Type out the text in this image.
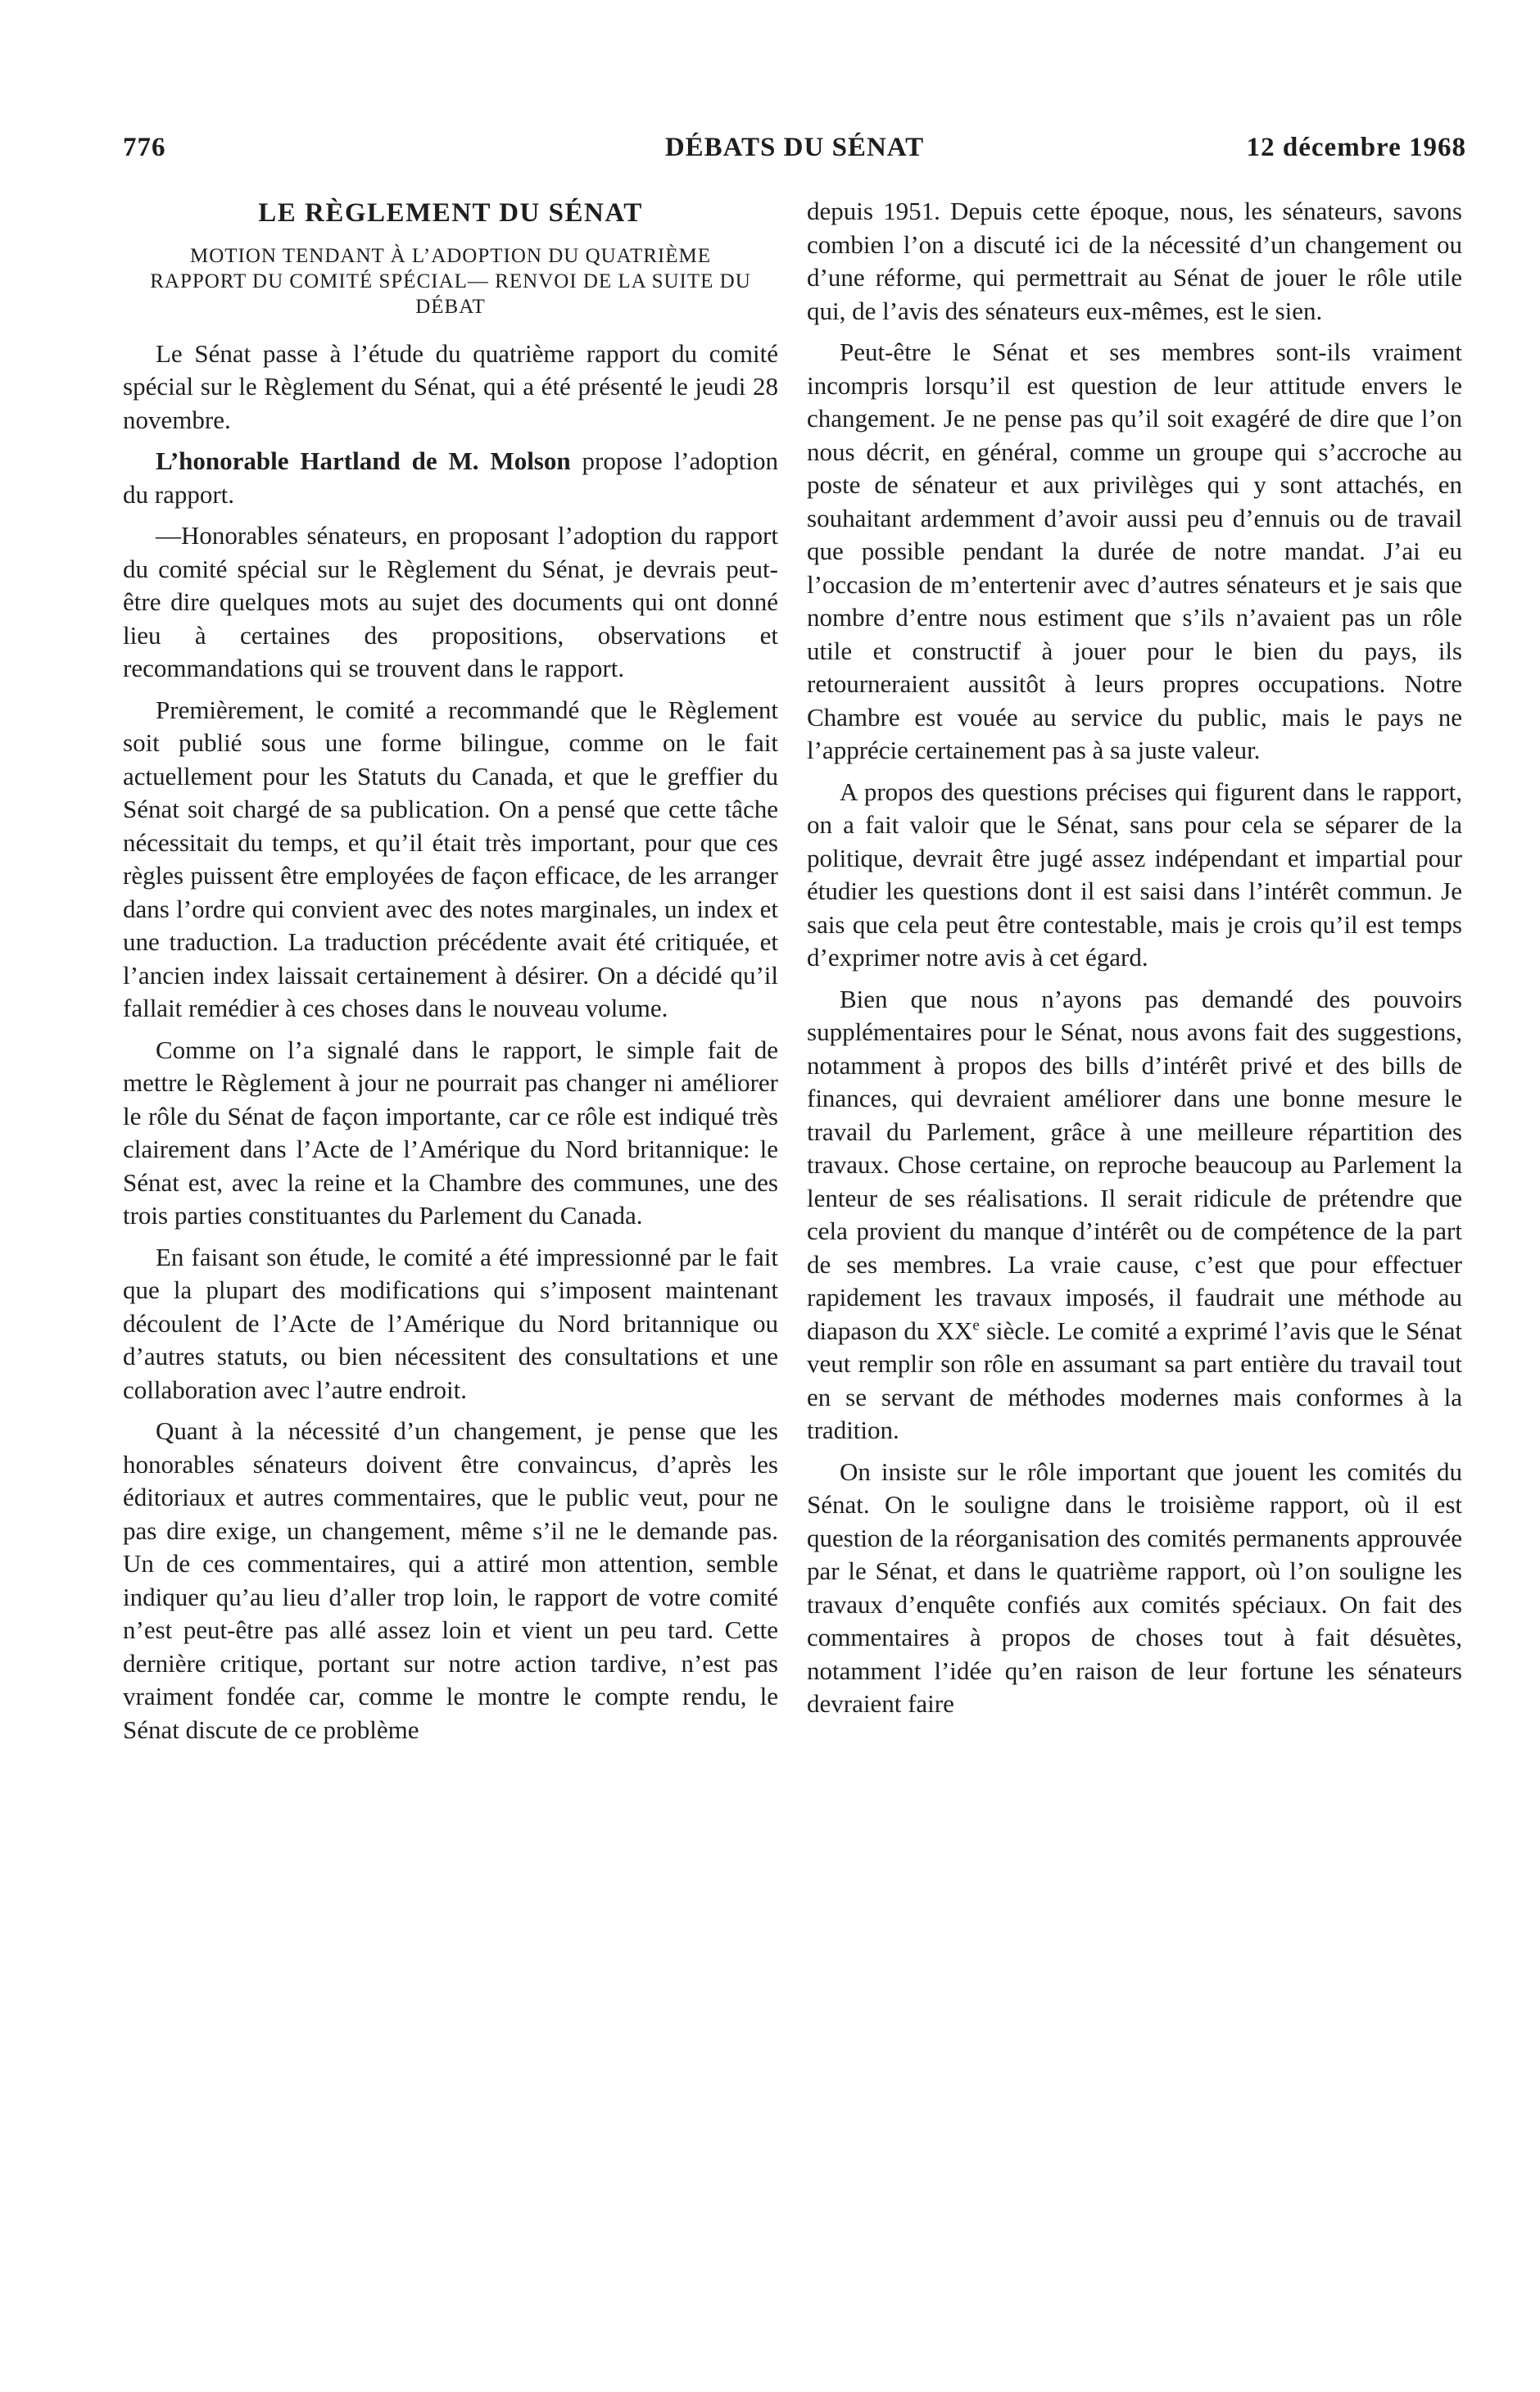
776	DÉBATS DU SÉNAT	12 décembre 1968
LE RÈGLEMENT DU SÉNAT
MOTION TENDANT À L’ADOPTION DU QUATRIÈME RAPPORT DU COMITÉ SPÉCIAL— RENVOI DE LA SUITE DU DÉBAT

Le Sénat passe à l’étude du quatrième rapport du comité spécial sur le Règlement du Sénat, qui a été présenté le jeudi 28 novembre.

L’honorable Hartland de M. Molson propose l’adoption du rapport.

—Honorables sénateurs, en proposant l’adoption du rapport du comité spécial sur le Règlement du Sénat, je devrais peut-être dire quelques mots au sujet des documents qui ont donné lieu à certaines des propositions, observations et recommandations qui se trouvent dans le rapport.

Premièrement, le comité a recommandé que le Règlement soit publié sous une forme bilingue, comme on le fait actuellement pour les Statuts du Canada, et que le greffier du Sénat soit chargé de sa publication. On a pensé que cette tâche nécessitait du temps, et qu’il était très important, pour que ces règles puissent être employées de façon efficace, de les arranger dans l’ordre qui convient avec des notes marginales, un index et une traduction. La traduction précédente avait été critiquée, et l’ancien index laissait certainement à désirer. On a décidé qu’il fallait remédier à ces choses dans le nouveau volume.

Comme on l’a signalé dans le rapport, le simple fait de mettre le Règlement à jour ne pourrait pas changer ni améliorer le rôle du Sénat de façon importante, car ce rôle est indiqué très clairement dans l’Acte de l’Amérique du Nord britannique: le Sénat est, avec la reine et la Chambre des communes, une des trois parties constituantes du Parlement du Canada.

En faisant son étude, le comité a été impressionné par le fait que la plupart des modifications qui s’imposent maintenant découlent de l’Acte de l’Amérique du Nord britannique ou d’autres statuts, ou bien nécessitent des consultations et une collaboration avec l’autre endroit.

Quant à la nécessité d’un changement, je pense que les honorables sénateurs doivent être convaincus, d’après les éditoriaux et autres commentaires, que le public veut, pour ne pas dire exige, un changement, même s’il ne le demande pas. Un de ces commentaires, qui a attiré mon attention, semble indiquer qu’au lieu d’aller trop loin, le rapport de votre comité n’est peut-être pas allé assez loin et vient un peu tard. Cette dernière critique, portant sur notre action tardive, n’est pas vraiment fondée car, comme le montre le compte rendu, le Sénat discute de ce problème

depuis 1951. Depuis cette époque, nous, les sénateurs, savons combien l’on a discuté ici de la nécessité d’un changement ou d’une réforme, qui permettrait au Sénat de jouer le rôle utile qui, de l’avis des sénateurs eux-mêmes, est le sien.

Peut-être le Sénat et ses membres sont-ils vraiment incompris lorsqu’il est question de leur attitude envers le changement. Je ne pense pas qu’il soit exagéré de dire que l’on nous décrit, en général, comme un groupe qui s’accroche au poste de sénateur et aux privilèges qui y sont attachés, en souhaitant ardemment d’avoir aussi peu d’ennuis ou de travail que possible pendant la durée de notre mandat. J’ai eu l’occasion de m’entertenir avec d’autres sénateurs et je sais que nombre d’entre nous estiment que s’ils n’avaient pas un rôle utile et constructif à jouer pour le bien du pays, ils retourneraient aussitôt à leurs propres occupations. Notre Chambre est vouée au service du public, mais le pays ne l’apprécie certainement pas à sa juste valeur.

A propos des questions précises qui figurent dans le rapport, on a fait valoir que le Sénat, sans pour cela se séparer de la politique, devrait être jugé assez indépendant et impartial pour étudier les questions dont il est saisi dans l’intérêt commun. Je sais que cela peut être contestable, mais je crois qu’il est temps d’exprimer notre avis à cet égard.

Bien que nous n’ayons pas demandé des pouvoirs supplémentaires pour le Sénat, nous avons fait des suggestions, notamment à propos des bills d’intérêt privé et des bills de finances, qui devraient améliorer dans une bonne mesure le travail du Parlement, grâce à une meilleure répartition des travaux. Chose certaine, on reproche beaucoup au Parlement la lenteur de ses réalisations. Il serait ridicule de prétendre que cela provient du manque d’intérêt ou de compétence de la part de ses membres. La vraie cause, c’est que pour effectuer rapidement les travaux imposés, il faudrait une méthode au diapason du XXe siècle. Le comité a exprimé l’avis que le Sénat veut remplir son rôle en assumant sa part entière du travail tout en se servant de méthodes modernes mais conformes à la tradition.

On insiste sur le rôle important que jouent les comités du Sénat. On le souligne dans le troisième rapport, où il est question de la réorganisation des comités permanents approuvée par le Sénat, et dans le quatrième rapport, où l’on souligne les travaux d’enquête confiés aux comités spéciaux. On fait des commentaires à propos de choses tout à fait désuètes, notamment l’idée qu’en raison de leur fortune les sénateurs devraient faire
